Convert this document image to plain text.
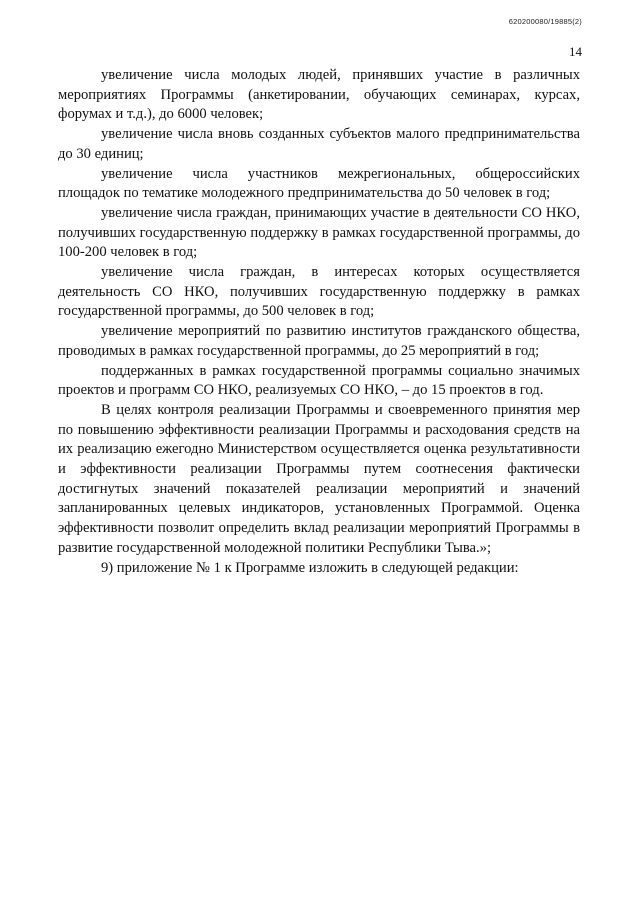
620200080/19885(2)
14

увеличение числа молодых людей, принявших участие в различных мероприятиях Программы (анкетировании, обучающих семинарах, курсах, форумах и т.д.), до 6000 человек;

увеличение числа вновь созданных субъектов малого предпринимательства до 30 единиц;

увеличение числа участников межрегиональных, общероссийских площадок по тематике молодежного предпринимательства до 50 человек в год;

увеличение числа граждан, принимающих участие в деятельности СО НКО, получивших государственную поддержку в рамках государственной программы, до 100-200 человек в год;

увеличение числа граждан, в интересах которых осуществляется деятельность СО НКО, получивших государственную поддержку в рамках государственной программы, до 500 человек в год;

увеличение мероприятий по развитию институтов гражданского общества, проводимых в рамках государственной программы, до 25 мероприятий в год;

поддержанных в рамках государственной программы социально значимых проектов и программ СО НКО, реализуемых СО НКО, – до 15 проектов в год.

В целях контроля реализации Программы и своевременного принятия мер по повышению эффективности реализации Программы и расходования средств на их реализацию ежегодно Министерством осуществляется оценка результативности и эффективности реализации Программы путем соотнесения фактически достигнутых значений показателей реализации мероприятий и значений запланированных целевых индикаторов, установленных Программой. Оценка эффективности позволит определить вклад реализации мероприятий Программы в развитие государственной молодежной политики Республики Тыва.»;

9) приложение № 1 к Программе изложить в следующей редакции:
